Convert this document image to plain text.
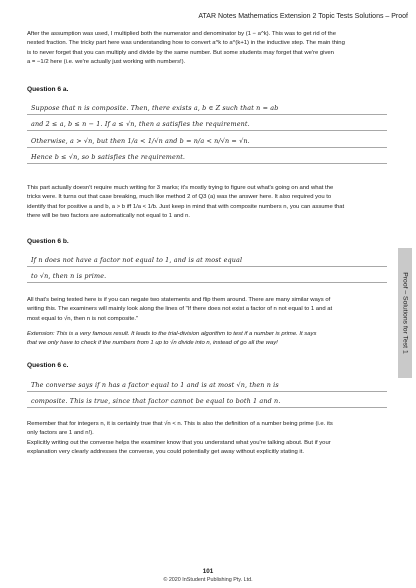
ATAR Notes Mathematics Extension 2 Topic Tests Solutions – Proof
After the assumption was used, I multiplied both the numerator and denominator by (1 − a^k). This was to get rid of the
nested fraction. The tricky part here was understanding how to convert a^k to a^(k+1) in the inductive step. The main thing
is to never forget that you can multiply and divide by the same number. But some students may forget that we're given
a = −1/2 here (i.e. we're actually just working with numbers!).
Question 6 a.
Suppose that n is composite. Then, there exists a, b ∈ Z such that n = ab
and 2 ≤ a, b ≤ n − 1. If a ≤ √n, then a satisfies the requirement.
Otherwise, a > √n, but then 1/a < 1/√n and b = n/a < n/√n = √n.
Hence b ≤ √n, so b satisfies the requirement.
This part actually doesn't require much writing for 3 marks; it's mostly trying to figure out what's going on and what the
tricks were. It turns out that case breaking, much like method 2 of Q3 (a) was the answer here. It also required you to
identify that for positive a and b, a > b iff 1/a < 1/b. Just keep in mind that with composite numbers n, you can assume that
there will be two factors are automatically not equal to 1 and n.
Question 6 b.
If n does not have a factor not equal to 1, and is at most equal
to √n, then n is prime.
All that's being tested here is if you can negate two statements and flip them around. There are many similar ways of
writing this. The examiners will mainly look along the lines of "If there does not exist a factor of n not equal to 1 and at
most equal to √n, then n is not composite."
Extension: This is a very famous result. It leads to the trial-division algorithm to test if a number is prime. It says
that we only have to check if the numbers from 1 up to √n divide into n, instead of go all the way!
Question 6 c.
The converse says if n has a factor equal to 1 and is at most √n, then n is
composite. This is true, since that factor cannot be equal to both 1 and n.
Remember that for integers n, it is certainly true that √n < n. This is also the definition of a number being prime (i.e. its
only factors are 1 and n!).
Explicitly writing out the converse helps the examiner know that you understand what you're talking about. But if your
explanation very clearly addresses the converse, you could potentially get away without explicitly stating it.
Proof – Solutions for Test 1
101
© 2020 InStudent Publishing Pty. Ltd.
